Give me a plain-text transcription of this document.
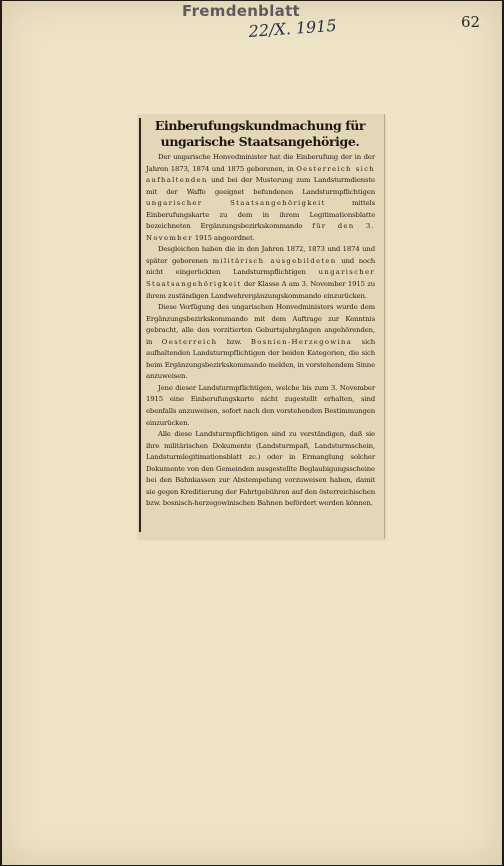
Fremdenblatt
22/X. 1915	62
Einberufungskundmachung für ungarische Staatsangehörige.

Der ungarische Honvedminister hat die Einberufung der in der Jahren 1873, 1874 und 1875 geborenen, in Oesterreich sich aufhaltenden und bei der Musterung zum Landsturmdienste mit der Waffe geeignet befundenen Landsturmpflichtigen ungarischer Staatsangehörigkeit mittels Einberufungskarte zu dem in ihrem Legitimationsblatte bezeichneten Ergänzungsbezirkskommando für den 3. November 1915 angeordnet.

Desgleichen haben die in den Jahren 1872, 1873 und 1874 und später geborenen militärisch ausgebildeten und noch nicht eingerückten Landsturmpflichtigen ungarischer Staatsangehörigkeit der Klasse A am 3. November 1915 zu ihrem zuständigen Landwehrergänzungskommando einzurücken.

Diese Verfügung des ungarischen Honvedministers wurde dem Ergänzungsbezirkskommando mit dem Auftrage zur Kenntnis gebracht, alle den vorzitierten Geburtsjahrgängen angehörenden, in Oesterreich bzw. Bosnien-Herzegowina sich aufhaltenden Landsturmpflichtigen der beiden Kategorien, die sich beim Ergänzungsbezirkskommando melden, in vorstehendem Sinne anzuweisen.

Jene dieser Landsturmpflichtigen, welche bis zum 3. November 1915 eine Einberufungskarte nicht zugestellt erhalten, sind ebenfalls anzuweisen, sofort nach den vorstehenden Bestimmungen einzurücken.

Alle diese Landsturmpflichtigen sind zu verständigen, daß sie ihre militärischen Dokumente (Landsturmpaß, Landsturmschein, Landsturmlegitimationsblatt zc.) oder in Ermanglung solcher Dokumente von den Gemeinden ausgestellte Beglaubigungsscheine bei den Bahnkassen zur Abstempelung vorzuweisen haben, damit sie gegen Kreditierung der Fahrtgebühren auf den österreichischen bzw. bosnisch-herzegowinischen Bahnen befördert werden können.
